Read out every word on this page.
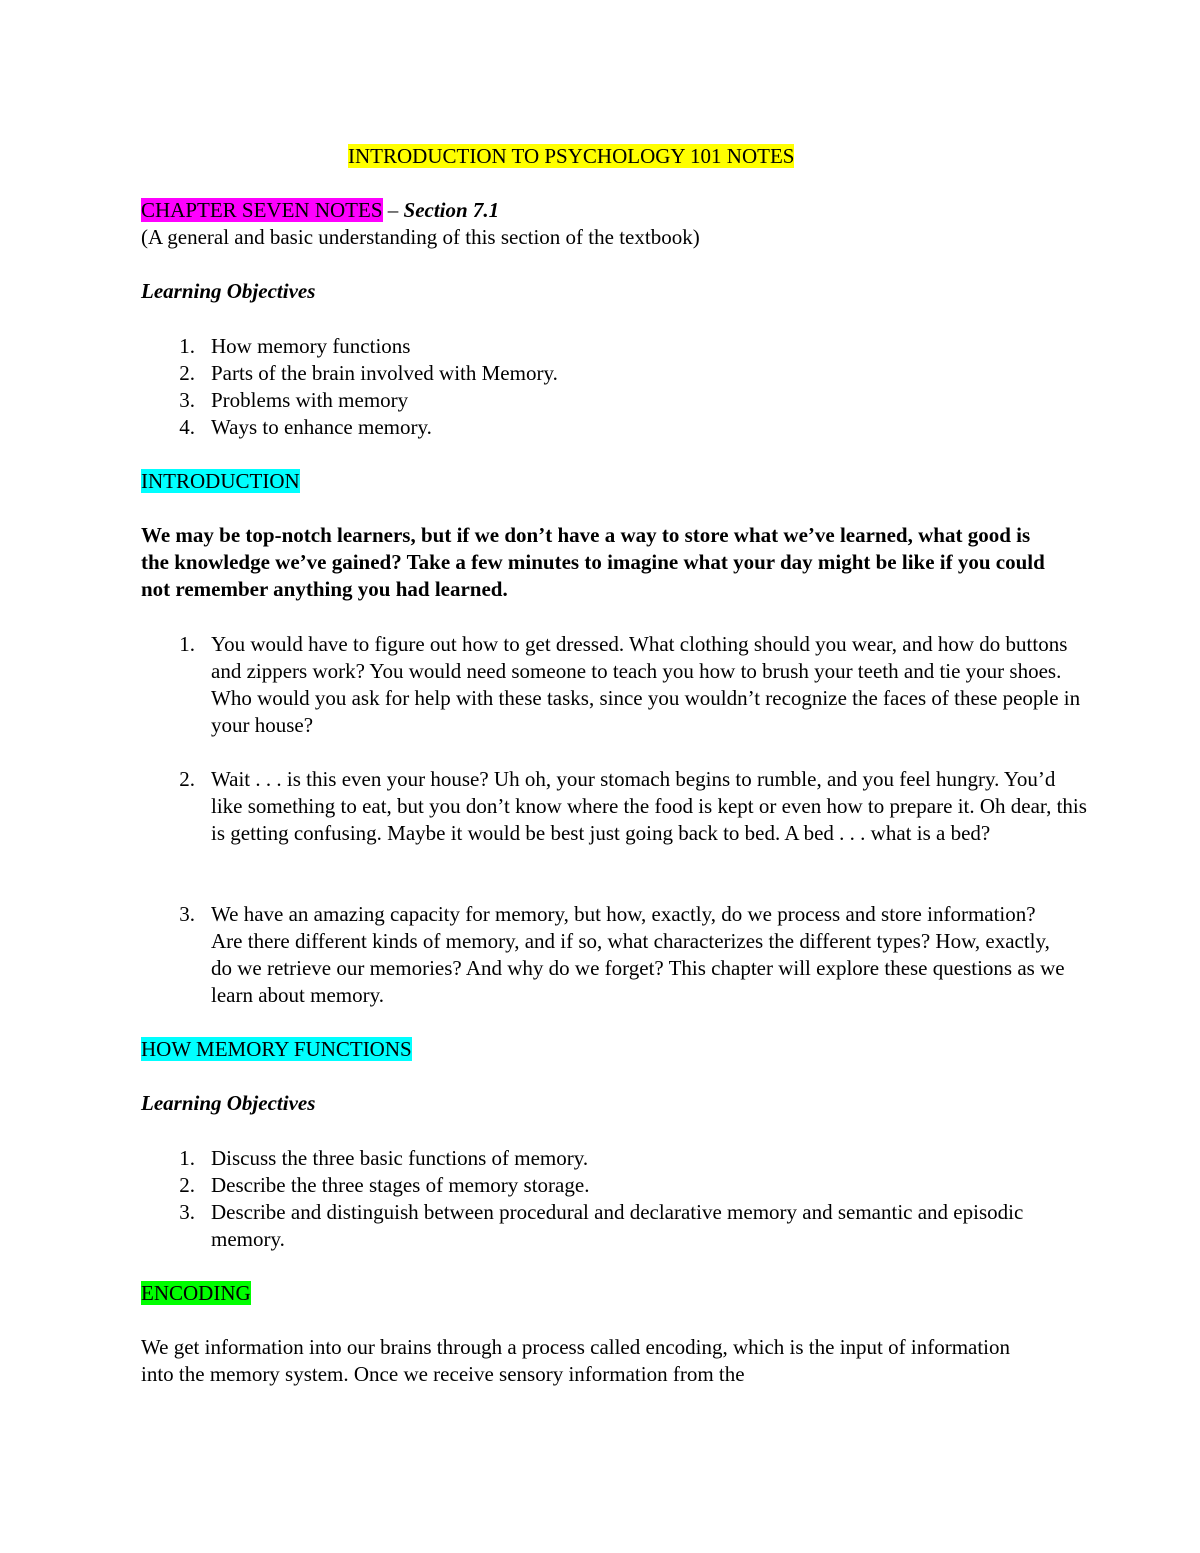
INTRODUCTION TO PSYCHOLOGY 101 NOTES
CHAPTER SEVEN NOTES – Section 7.1
(A general and basic understanding of this section of the textbook)
Learning Objectives
1. How memory functions
2. Parts of the brain involved with Memory.
3. Problems with memory
4. Ways to enhance memory.
INTRODUCTION
We may be top-notch learners, but if we don’t have a way to store what we’ve learned, what good is the knowledge we’ve gained? Take a few minutes to imagine what your day might be like if you could not remember anything you had learned.
1. You would have to figure out how to get dressed. What clothing should you wear, and how do buttons and zippers work? You would need someone to teach you how to brush your teeth and tie your shoes. Who would you ask for help with these tasks, since you wouldn’t recognize the faces of these people in your house?
2. Wait . . . is this even your house? Uh oh, your stomach begins to rumble, and you feel hungry. You’d like something to eat, but you don’t know where the food is kept or even how to prepare it. Oh dear, this is getting confusing. Maybe it would be best just going back to bed. A bed . . . what is a bed?
3. We have an amazing capacity for memory, but how, exactly, do we process and store information? Are there different kinds of memory, and if so, what characterizes the different types? How, exactly, do we retrieve our memories? And why do we forget? This chapter will explore these questions as we learn about memory.
HOW MEMORY FUNCTIONS
Learning Objectives
1. Discuss the three basic functions of memory.
2. Describe the three stages of memory storage.
3. Describe and distinguish between procedural and declarative memory and semantic and episodic memory.
ENCODING
We get information into our brains through a process called encoding, which is the input of information into the memory system. Once we receive sensory information from the
